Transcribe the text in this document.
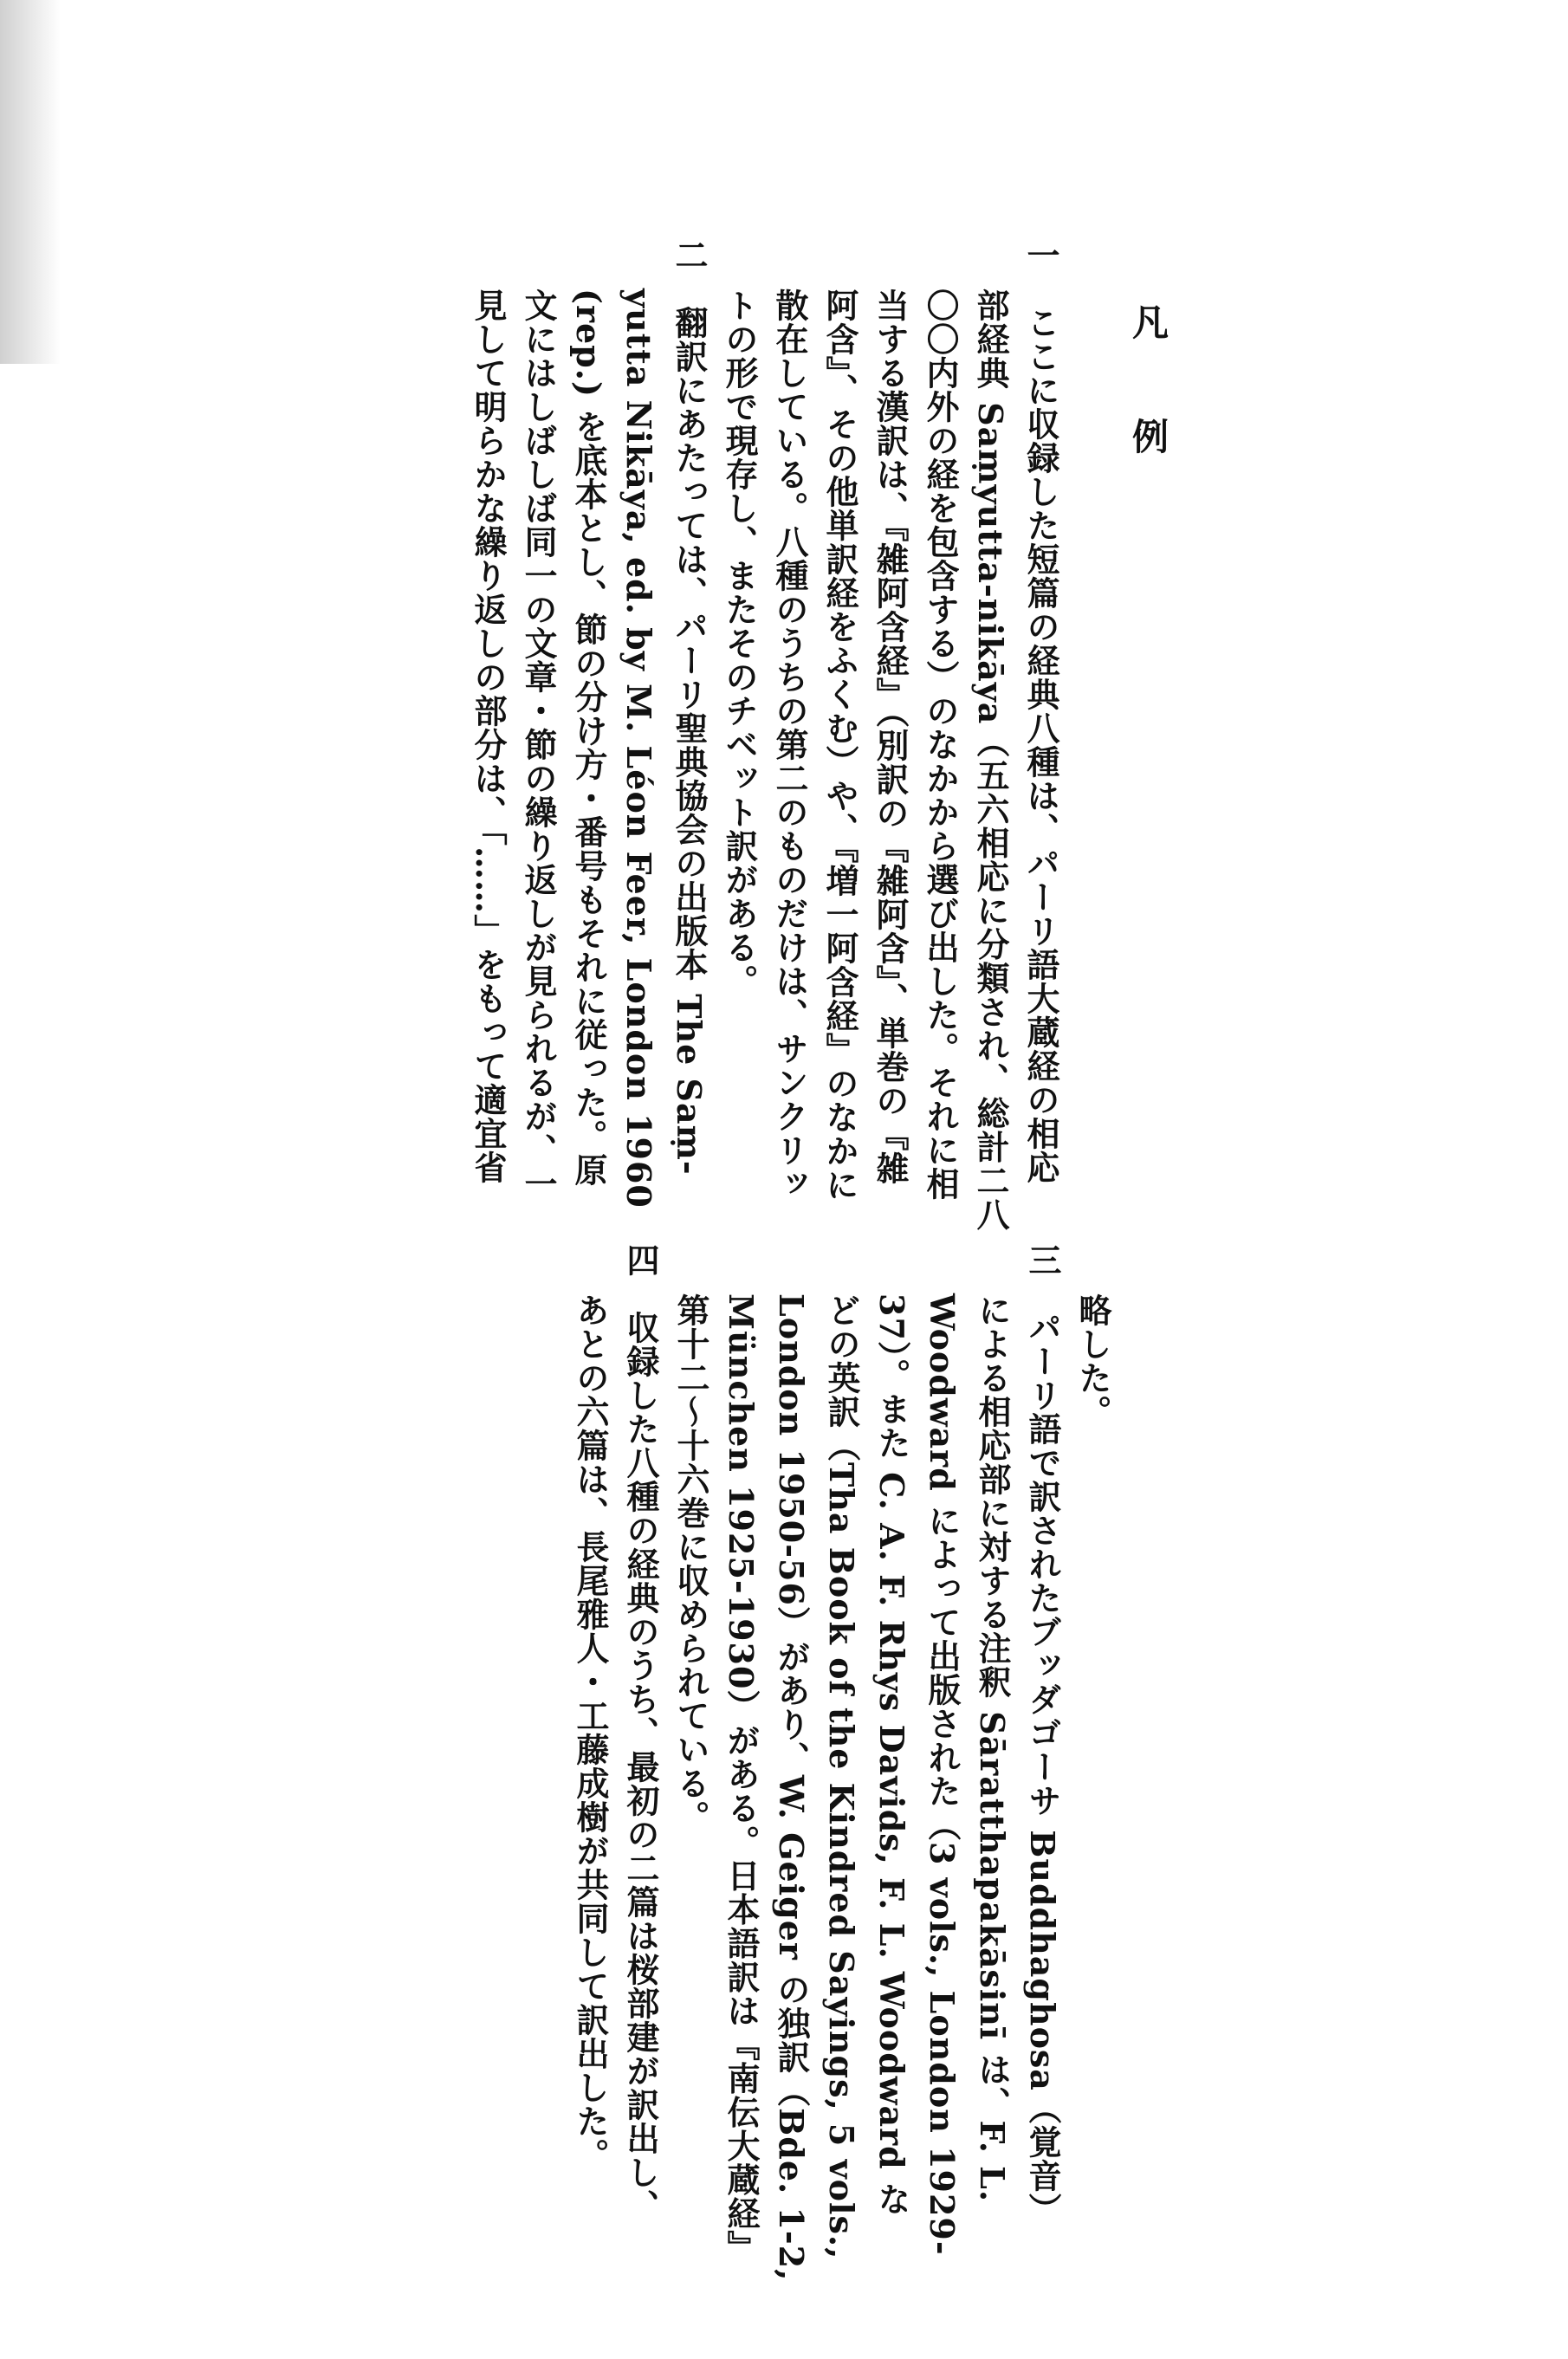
凡　例
一　ここに収録した短篇の経典八種は、パーリ語大蔵経の相応
部経典 Saṃyutta-nikāya（五六相応に分類され、総計二八
〇〇内外の経を包含する）のなかから選び出した。それに相
当する漢訳は、『雑阿含経』（別訳の『雑阿含』、単巻の『雑
阿含』、その他単訳経をふくむ）や、『増一阿含経』のなかに
散在している。八種のうちの第二のものだけは、サンクリッ
トの形で現存し、またそのチベット訳がある。
二　翻訳にあたっては、パーリ聖典協会の出版本 The Saṃ-
yutta Nikāya, ed. by M. Léon Feer, London 1960
(rep.) を底本とし、節の分け方・番号もそれに従った。原
文にはしばしば同一の文章・節の繰り返しが見られるが、一
見して明らかな繰り返しの部分は、「……」をもって適宜省
略した。
三　パーリ語で訳されたブッダゴーサ Buddhaghosa（覚音）
による相応部に対する注釈 Sāratthapakāsinī は、F. L.
Woodward によって出版された（3 vols., London 1929-
37）。また C. A. F. Rhys Davids, F. L. Woodward な
どの英訳（Tha Book of the Kindred Sayings, 5 vols.,
London 1950-56）があり、W. Geiger の独訳（Bde. 1-2,
München 1925-1930）がある。日本語訳は『南伝大蔵経』
第十二〜十六巻に収められている。
四　収録した八種の経典のうち、最初の二篇は桜部建が訳出し、
あとの六篇は、長尾雅人・工藤成樹が共同して訳出した。
